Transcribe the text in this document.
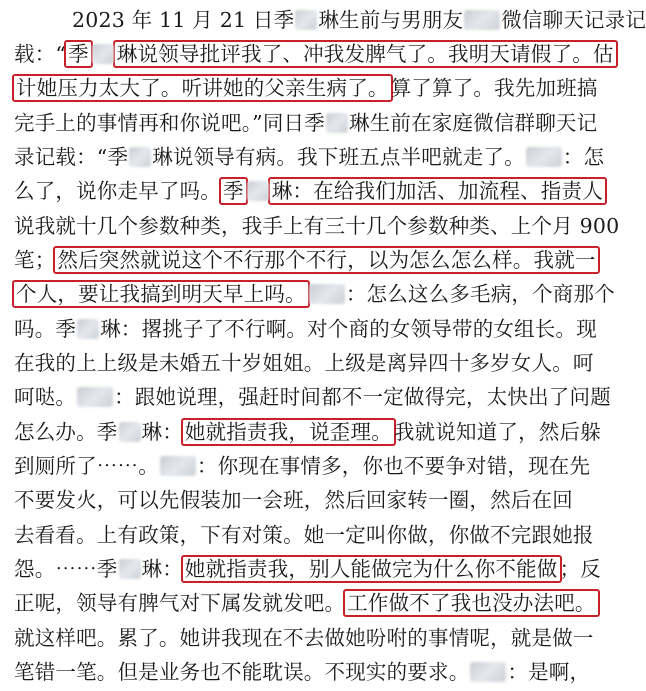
2023 年 11 月 21 日季 琳生前与男朋友 微信聊天记录记
载：“季 琳说领导批评我了、冲我发脾气了。我明天请假了。估
计她压力太大了。听讲她的父亲生病了。算了算了。我先加班搞
完手上的事情再和你说吧。”同日季 琳生前在家庭微信群聊天记
录记载：“季 琳说领导有病。我下班五点半吧就走了。 ：怎
么了，说你走早了吗。季 琳：在给我们加活、加流程、指责人
说我就十几个参数种类，我手上有三十几个参数种类、上个月 900
笔；然后突然就说这个不行那个不行，以为怎么怎么样。我就一
个人，要让我搞到明天早上吗。 ：怎么这么多毛病，个商那个
吗。季 琳：撂挑子了不行啊。对个商的女领导带的女组长。现
在我的上上级是未婚五十岁姐姐。上级是离异四十多岁女人。呵
呵哒。 ：跟她说理，强赶时间都不一定做得完，太快出了问题
怎么办。季 琳：她就指责我，说歪理。我就说知道了，然后躲
到厕所了⋯⋯。 ：你现在事情多，你也不要争对错，现在先
不要发火，可以先假装加一会班，然后回家转一圈，然后在回
去看看。上有政策，下有对策。她一定叫你做，你做不完跟她报
怨。⋯⋯季 琳：她就指责我，别人能做完为什么你不能做；反
正呢，领导有脾气对下属发就发吧。工作做不了我也没办法吧。
就这样吧。累了。她讲我现在不去做她吩咐的事情呢，就是做一
笔错一笔。但是业务也不能耽误。不现实的要求。 ：是啊，
